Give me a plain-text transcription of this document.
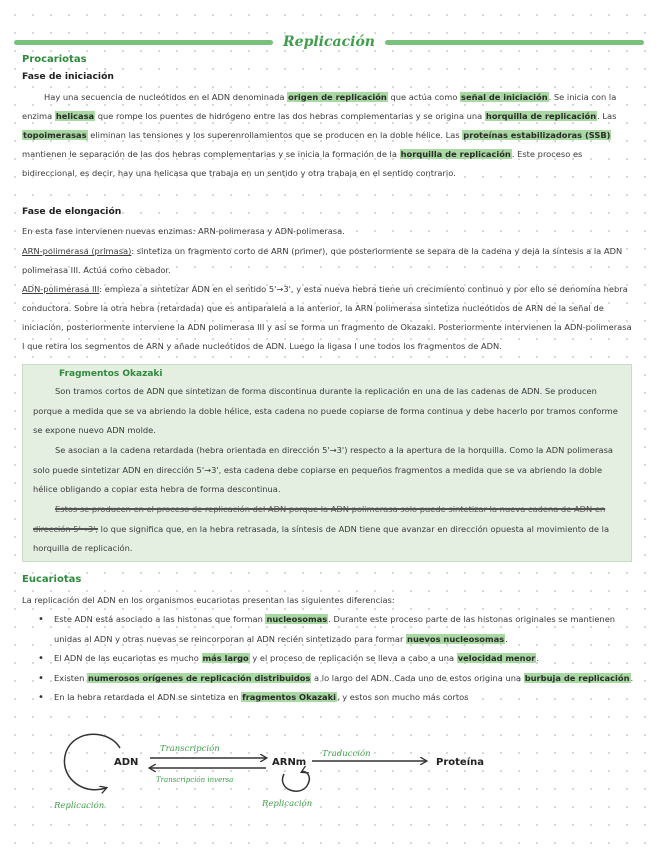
Replicación
Procariotas
Fase de iniciación
Hay una secuencia de nucleótidos en el ADN denominada origen de replicación que actúa como señal de iniciación. Se inicia con la enzima helicasa que rompe los puentes de hidrógeno entre las dos hebras complementarias y se origina una horquilla de replicación. Las topoimerasas eliminan las tensiones y los superenrollamientos que se producen en la doble hélice. Las proteínas estabilizadoras (SSB) mantienen le separación de las dos hebras complementarias y se inicia la formación de la horquilla de replicación. Este proceso es bidireccional, es decir, hay una helicasa que trabaja en un sentido y otra trabaja en el sentido contrario.
Fase de elongación
En esta fase intervienen nuevas enzimas: ARN-polimerasa y ADN-polimerasa.
ARN-polimerasa (primasa): sintetiza un fragmento corto de ARN (primer), que posteriormente se separa de la cadena y deja la síntesis a la ADN polimerasa III. Actúa como cebador.
ADN-polimerasa III: empieza a sintetizar ADN en el sentido 5'→3', y esta nueva hebra tiene un crecimiento continuo y por ello se denomina hebra conductora. Sobre la otra hebra (retardada) que es antiparalela a la anterior, la ARN polimerasa sintetiza nucleótidos de ARN de la señal de iniciación, posteriormente interviene la ADN polimerasa III y así se forma un fragmento de Okazaki. Posteriormente intervienen la ADN-polimerasa I que retira los segmentos de ARN y añade nucleótidos de ADN. Luego la ligasa I une todos los fragmentos de ADN.
Fragmentos Okazaki
Son tramos cortos de ADN que sintetizan de forma discontinua durante la replicación en una de las cadenas de ADN. Se producen porque a medida que se va abriendo la doble hélice, esta cadena no puede copiarse de forma continua y debe hacerlo por tramos conforme se expone nuevo ADN molde.
Se asocian a la cadena retardada (hebra orientada en dirección 5'→3') respecto a la apertura de la horquilla. Como la ADN polimerasa solo puede sintetizar ADN en dirección 5'→3', esta cadena debe copiarse en pequeños fragmentos a medida que se va abriendo la doble hélice obligando a copiar esta hebra de forma descontinua.
Estos se producen en el proceso de replicación del ADN porque la ADN polimerasa solo puede sintetizar la nueva cadena de ADN en dirección 5'→3', lo que significa que, en la hebra retrasada, la síntesis de ADN tiene que avanzar en dirección opuesta al movimiento de la horquilla de replicación.
Eucariotas
La replicación del ADN en los organismos eucariotas presentan las siguientes diferencias:
• Este ADN está asociado a las histonas que forman nucleosomas. Durante este proceso parte de las histonas originales se mantienen unidas al ADN y otras nuevas se reincorporan al ADN recién sintetizado para formar nuevos nucleosomas.
• El ADN de las eucariotas es mucho más largo y el proceso de replicación se lleva a cabo a una velocidad menor.
• Existen numerosos orígenes de replicación distribuidos a lo largo del ADN. Cada uno de estos origina una burbuja de replicación.
• En la hebra retardada el ADN se sintetiza en fragmentos Okazaki, y estos son mucho más cortos
ADN
Replicación
Transcripción
Transcripción inversa
ARNm
Replicación
Traducción
Proteína
